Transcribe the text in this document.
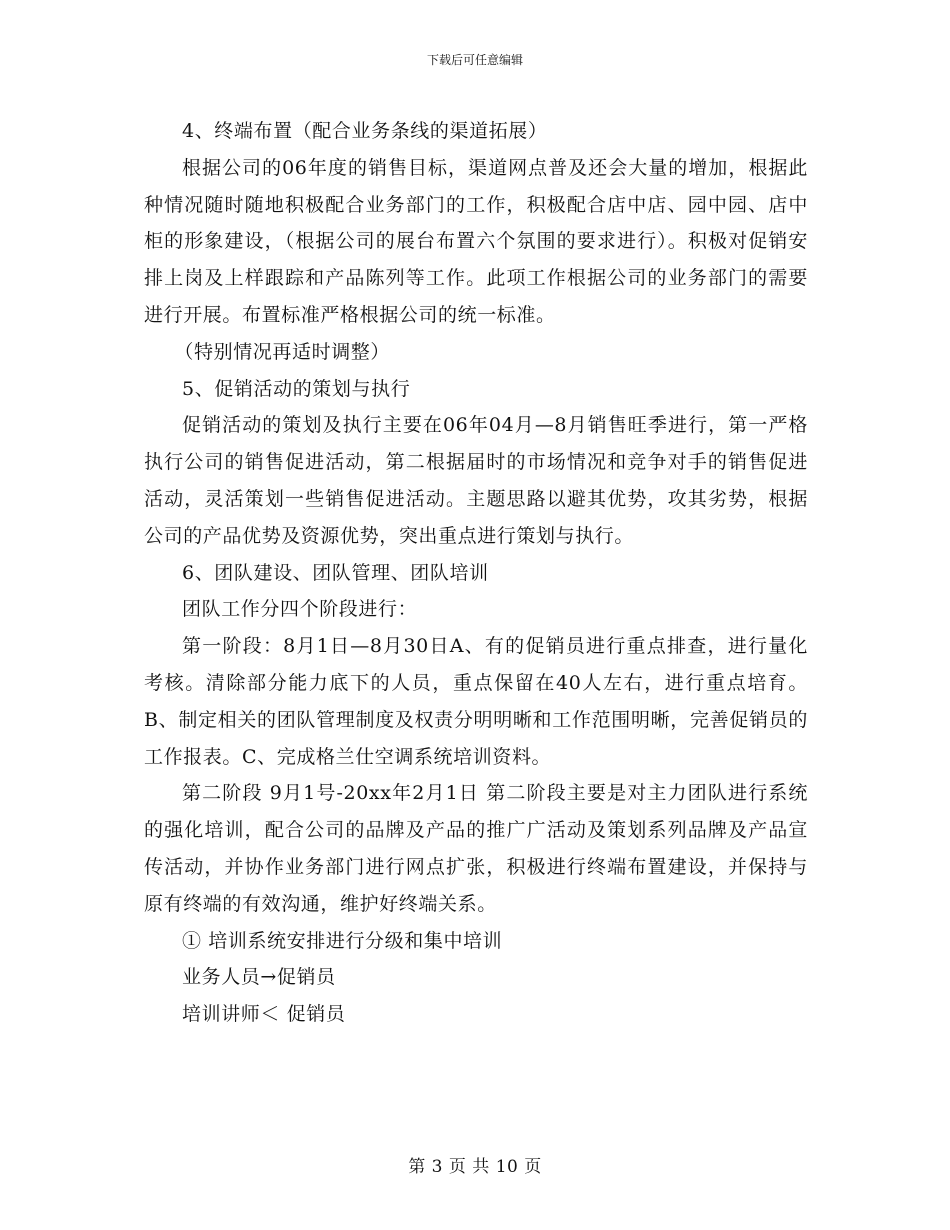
下载后可任意编辑

4、终端布置（配合业务条线的渠道拓展）

根据公司的06年度的销售目标，渠道网点普及还会大量的增加，根据此种情况随时随地积极配合业务部门的工作，积极配合店中店、园中园、店中柜的形象建设，（根据公司的展台布置六个氛围的要求进行）。积极对促销安排上岗及上样跟踪和产品陈列等工作。此项工作根据公司的业务部门的需要进行开展。布置标准严格根据公司的统一标准。

（特别情况再适时调整）

5、促销活动的策划与执行

促销活动的策划及执行主要在06年04月—8月销售旺季进行，第一严格执行公司的销售促进活动，第二根据届时的市场情况和竞争对手的销售促进活动，灵活策划一些销售促进活动。主题思路以避其优势，攻其劣势，根据公司的产品优势及资源优势，突出重点进行策划与执行。

6、团队建设、团队管理、团队培训

团队工作分四个阶段进行：

第一阶段：8月1日—8月30日A、有的促销员进行重点排查，进行量化考核。清除部分能力底下的人员，重点保留在40人左右，进行重点培育。B、制定相关的团队管理制度及权责分明明晰和工作范围明晰，完善促销员的工作报表。C、完成格兰仕空调系统培训资料。

第二阶段 9月1号-20xx年2月1日 第二阶段主要是对主力团队进行系统的强化培训，配合公司的品牌及产品的推广广活动及策划系列品牌及产品宣传活动，并协作业务部门进行网点扩张，积极进行终端布置建设，并保持与原有终端的有效沟通，维护好终端关系。

① 培训系统安排进行分级和集中培训

业务人员→促销员

培训讲师＜ 促销员

第 3 页 共 10 页
